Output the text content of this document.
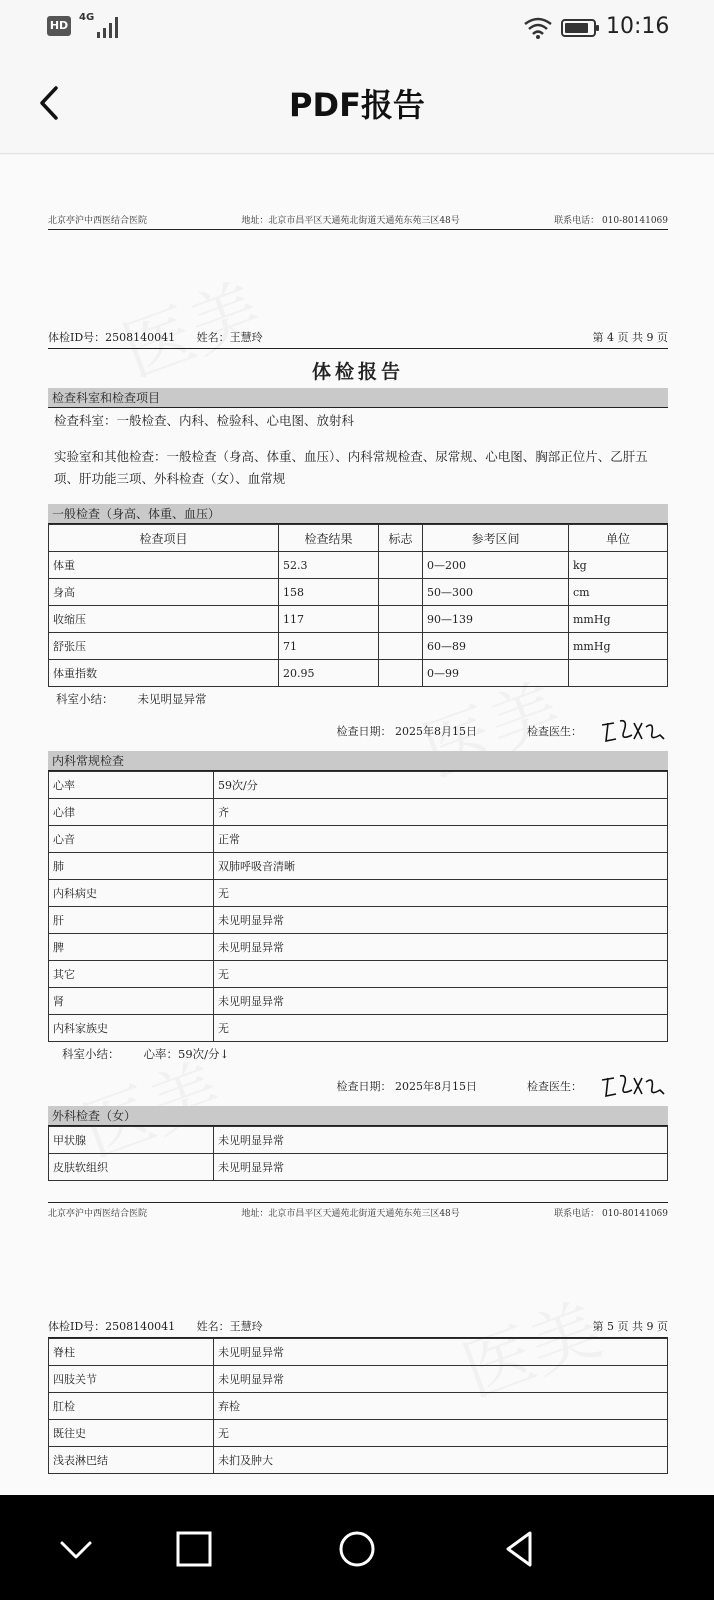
HD
4G	10:16
PDF报告
北京亭沪中西医结合医院	地址：北京市昌平区天通苑北街道天通苑东苑三区48号	联系电话： 010-80141069
体检ID号：2508140041 姓名：王慧玲	第 4 页 共 9 页
体检报告
检查科室和检查项目
检查科室：一般检查、内科、检验科、心电图、放射科
实验室和其他检查：一般检查（身高、体重、血压）、内科常规检查、尿常规、心电图、胸部正位片、乙肝五项、肝功能三项、外科检查（女）、血常规
一般检查（身高、体重、血压）
检查项目	检查结果	标志	参考区间	单位
体重	52.3		0—200	kg
身高	158		50—300	cm
收缩压	117		90—139	mmHg
舒张压	71		60—89	mmHg
体重指数	20.95		0—99	
科室小结： 未见明显异常
检查日期： 2025年8月15日	检查医生：
内科常规检查
心率	59次/分
心律	齐
心音	正常
肺	双肺呼吸音清晰
内科病史	无
肝	未见明显异常
脾	未见明显异常
其它	无
肾	未见明显异常
内科家族史	无
科室小结： 心率：59次/分↓
检查日期： 2025年8月15日	检查医生：
外科检查（女）
甲状腺	未见明显异常
皮肤软组织	未见明显异常
北京亭沪中西医结合医院	地址：北京市昌平区天通苑北街道天通苑东苑三区48号	联系电话： 010-80141069
体检ID号：2508140041 姓名：王慧玲	第 5 页 共 9 页
脊柱	未见明显异常
四肢关节	未见明显异常
肛检	弃检
既往史	无
浅表淋巴结	未扪及肿大
